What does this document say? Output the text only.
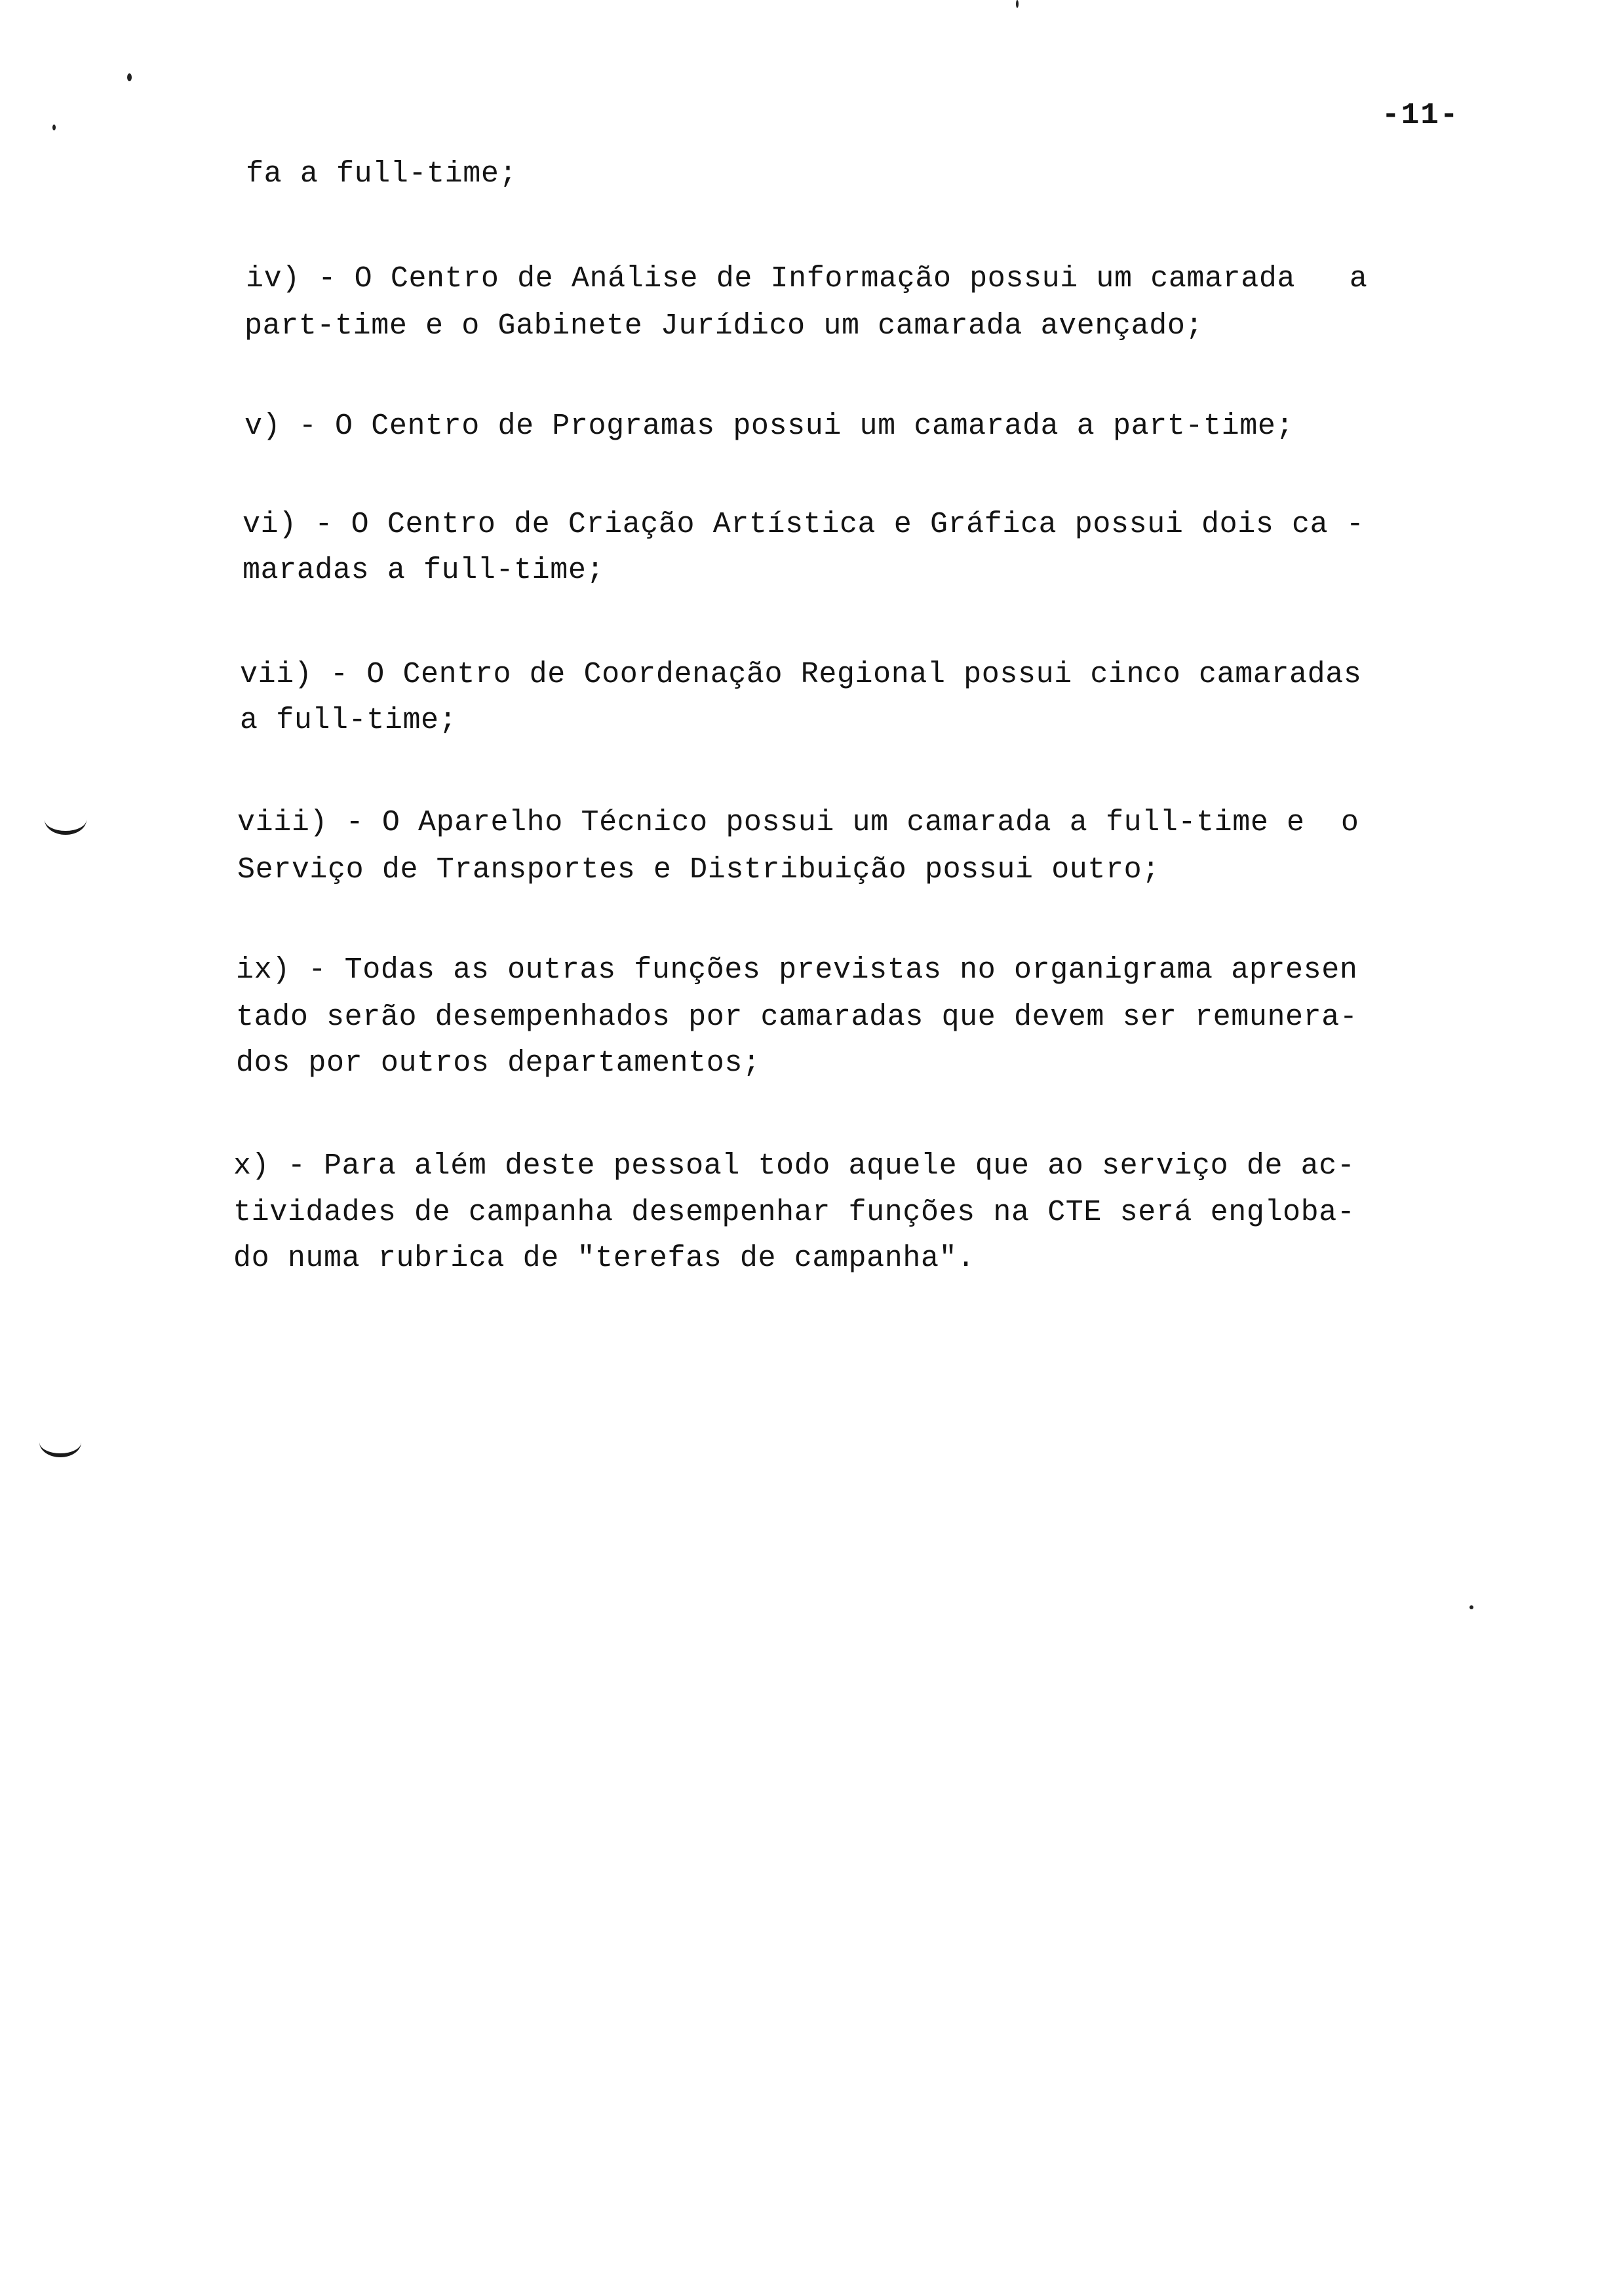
-11-
fa a full-time;
iv) - O Centro de Análise de Informação possui um camarada   a
part-time e o Gabinete Jurídico um camarada avençado;
v) - O Centro de Programas possui um camarada a part-time;
vi) - O Centro de Criação Artística e Gráfica possui dois ca -
maradas a full-time;
vii) - O Centro de Coordenação Regional possui cinco camaradas
a full-time;
viii) - O Aparelho Técnico possui um camarada a full-time e  o
Serviço de Transportes e Distribuição possui outro;
ix) - Todas as outras funções previstas no organigrama apresen
tado serão desempenhados por camaradas que devem ser remunera-
dos por outros departamentos;
x) - Para além deste pessoal todo aquele que ao serviço de ac-
tividades de campanha desempenhar funções na CTE será engloba-
do numa rubrica de "terefas de campanha".
